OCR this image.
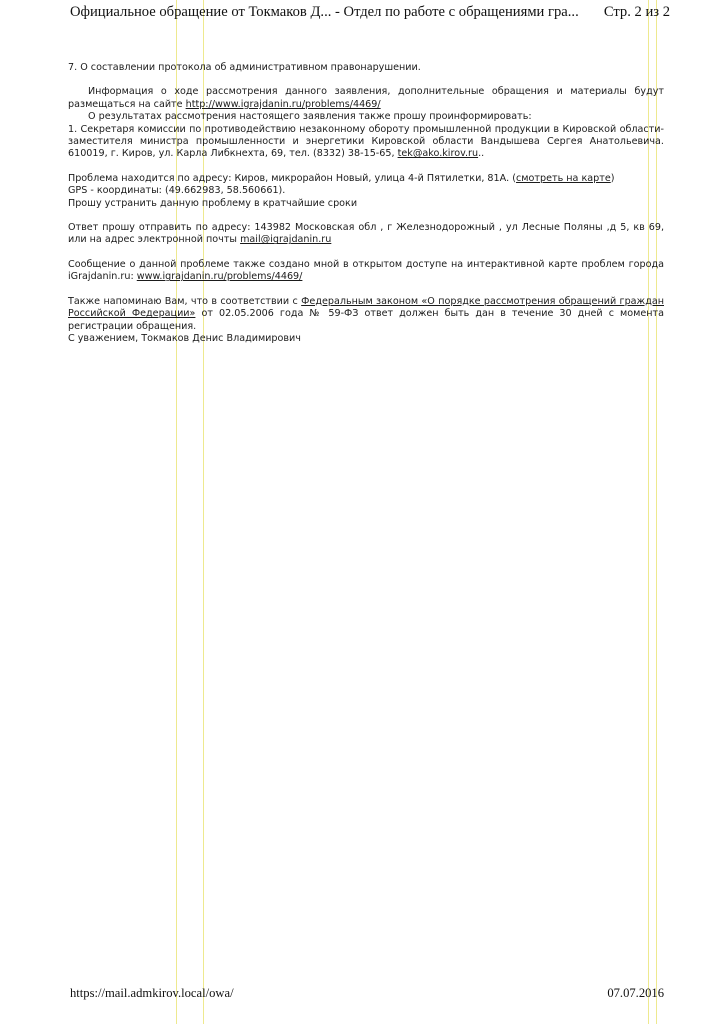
Официальное обращение от Токмаков Д... - Отдел по работе с обращениями гра... Стр. 2 из 2

7. О составлении протокола об административном правонарушении.

Информация о ходе рассмотрения данного заявления, дополнительные обращения и материалы будут размещаться на сайте http://www.igrajdanin.ru/problems/4469/

О результатах рассмотрения настоящего заявления также прошу проинформировать:

1. Секретаря комиссии по противодействию незаконному обороту промышленной продукции в Кировской области- заместителя министра промышленности и энергетики Кировской области Вандышева Сергея Анатольевича. 610019, г. Киров, ул. Карла Либкнехта, 69, тел. (8332) 38-15-65, tek@ako.kirov.ru..

Проблема находится по адресу: Киров, микрорайон Новый, улица 4-й Пятилетки, 81А. (смотреть на карте)

GPS - координаты: (49.662983, 58.560661).

Прошу устранить данную проблему в кратчайшие сроки

Ответ прошу отправить по адресу: 143982 Московская обл , г Железнодорожный , ул Лесные Поляны ,д 5, кв 69, или на адрес электронной почты mail@igrajdanin.ru

Сообщение о данной проблеме также создано мной в открытом доступе на интерактивной карте проблем города iGrajdanin.ru: www.igrajdanin.ru/problems/4469/

Также напоминаю Вам, что в соответствии с Федеральным законом «О порядке рассмотрения обращений граждан Российской Федерации» от 02.05.2006 года № 59-ФЗ ответ должен быть дан в течение 30 дней с момента регистрации обращения.

С уважением, Токмаков Денис Владимирович

https://mail.admkirov.local/owa/	07.07.2016
